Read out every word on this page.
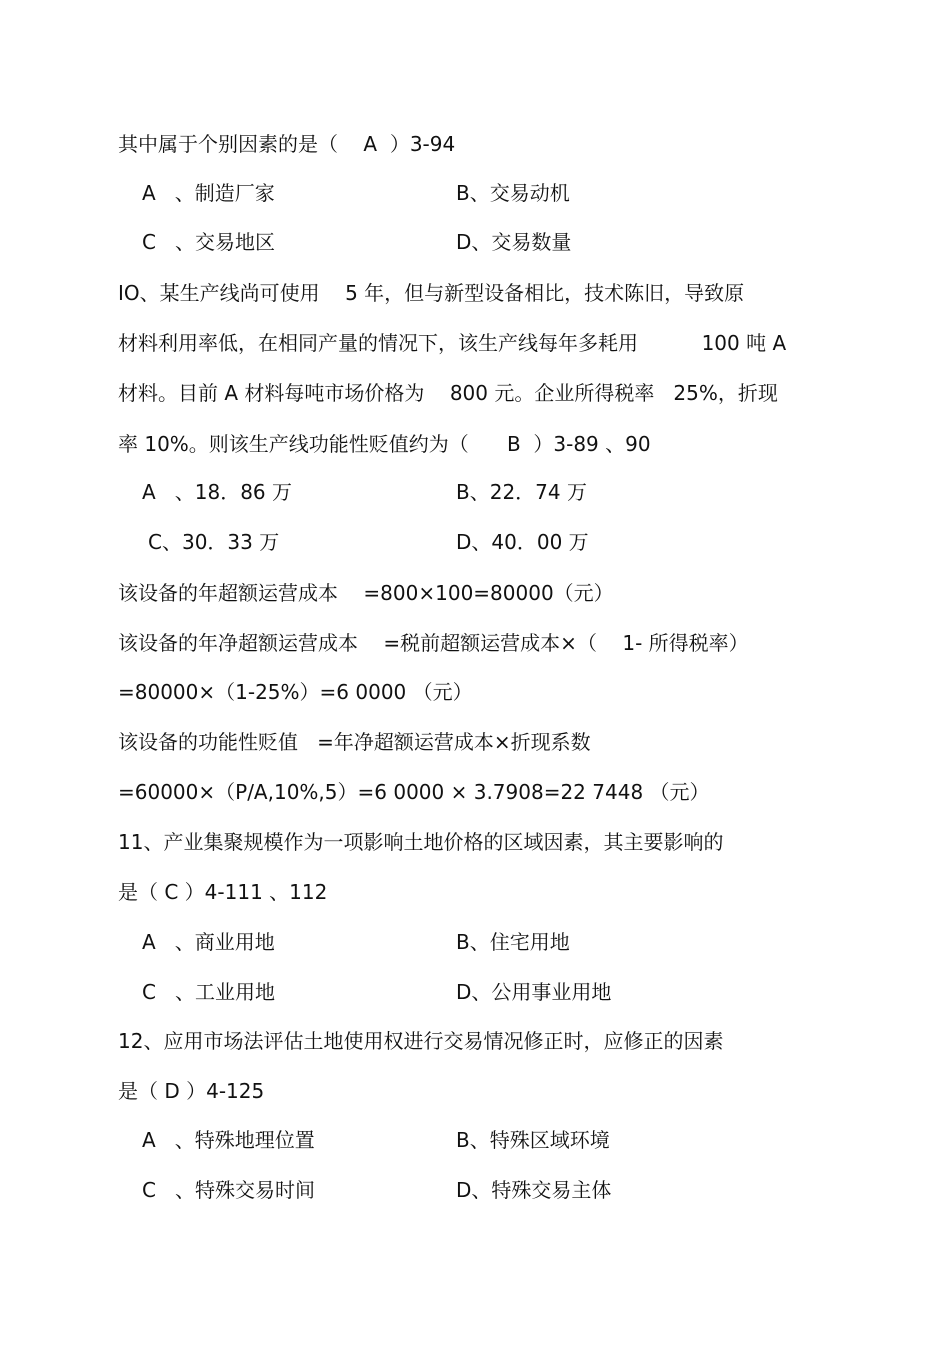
其中属于个别因素的是（    A  ）3-94
A   、制造厂家	B、交易动机
C   、交易地区	D、交易数量
IO、某生产线尚可使用    5 年，但与新型设备相比，技术陈旧，导致原
材料利用率低，在相同产量的情况下，该生产线每年多耗用          100 吨 A
材料。目前 A 材料每吨市场价格为    800 元。企业所得税率   25%，折现
率 10%。则该生产线功能性贬值约为（      B  ）3-89 、90
A   、18．86 万	B、22．74 万
C、30．33 万	D、40．00 万
该设备的年超额运营成本    =800×100=80000（元）
该设备的年净超额运营成本    =税前超额运营成本×（    1- 所得税率）
=80000×（1-25%）=6 0000 （元）
该设备的功能性贬值   =年净超额运营成本×折现系数
=60000×（P/A,10%,5）=6 0000 × 3.7908=22 7448 （元）
11、产业集聚规模作为一项影响土地价格的区域因素，其主要影响的
是（ C ）4-111 、112
A   、商业用地	B、住宅用地
C   、工业用地	D、公用事业用地
12、应用市场法评估土地使用权进行交易情况修正时，应修正的因素
是（ D ）4-125
A   、特殊地理位置	B、特殊区域环境
C   、特殊交易时间	D、特殊交易主体
